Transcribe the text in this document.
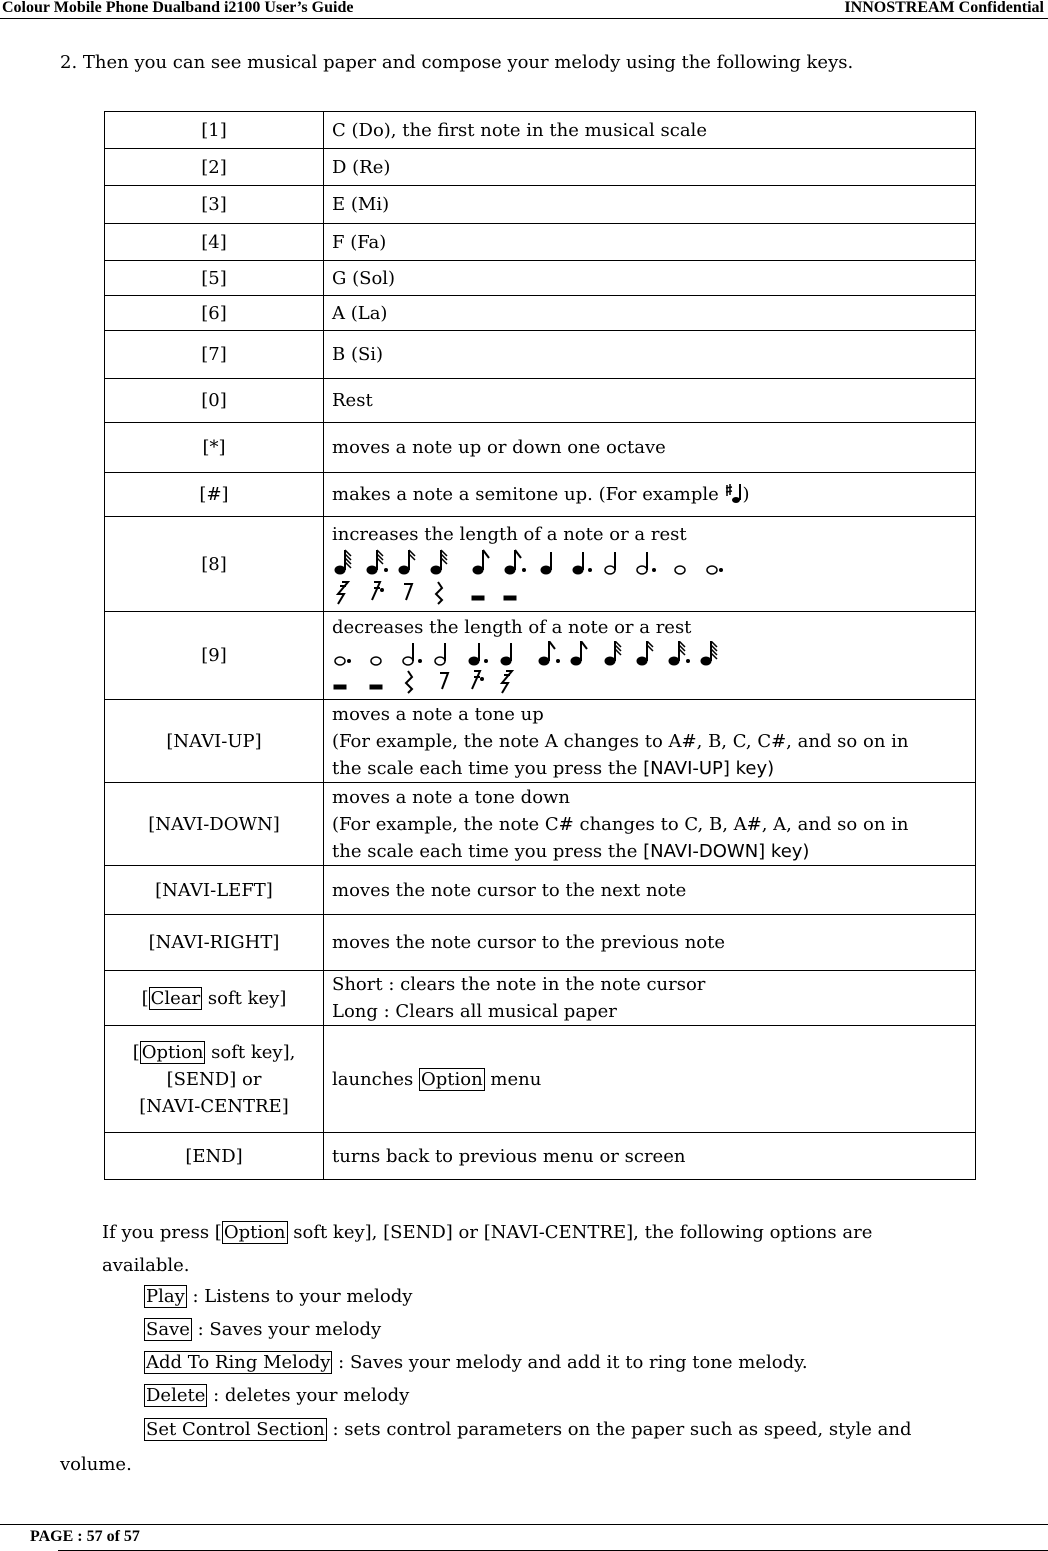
Colour Mobile Phone Dualband i2100 User’s Guide	INNOSTREAM Confidential
2. Then you can see musical paper and compose your melody using the following keys.
[1]	C (Do), the first note in the musical scale
[2]	D (Re)
[3]	E (Mi)
[4]	F (Fa)
[5]	G (Sol)
[6]	A (La)
[7]	B (Si)
[0]	Rest
[*]	moves a note up or down one octave
[#]	makes a note a semitone up. (For example )
[8]	increases the length of a note or a rest

[9]	decreases the length of a note or a rest

[NAVI-UP]	moves a note a tone up
(For example, the note A changes to A#, B, C, C#, and so on in
the scale each time you press the [NAVI-UP] key)

[NAVI-DOWN]	moves a note a tone down
(For example, the note C# changes to C, B, A#, A, and so on in
the scale each time you press the [NAVI-DOWN] key)

[NAVI-LEFT]	moves the note cursor to the next note
[NAVI-RIGHT]	moves the note cursor to the previous note
[ Clear soft key]	Short : clears the note in the note cursor
Long : Clears all musical paper

[ Option soft key],
[SEND] or
[NAVI-CENTRE]	launches Option menu
[END]	turns back to previous menu or screen
If you press [ Option soft key], [SEND] or [NAVI-CENTRE], the following options are
available.
Play : Listens to your melody
Save : Saves your melody
Add To Ring Melody : Saves your melody and add it to ring tone melody.
Delete : deletes your melody
Set Control Section : sets control parameters on the paper such as speed, style and
volume.
PAGE : 57 of 57
